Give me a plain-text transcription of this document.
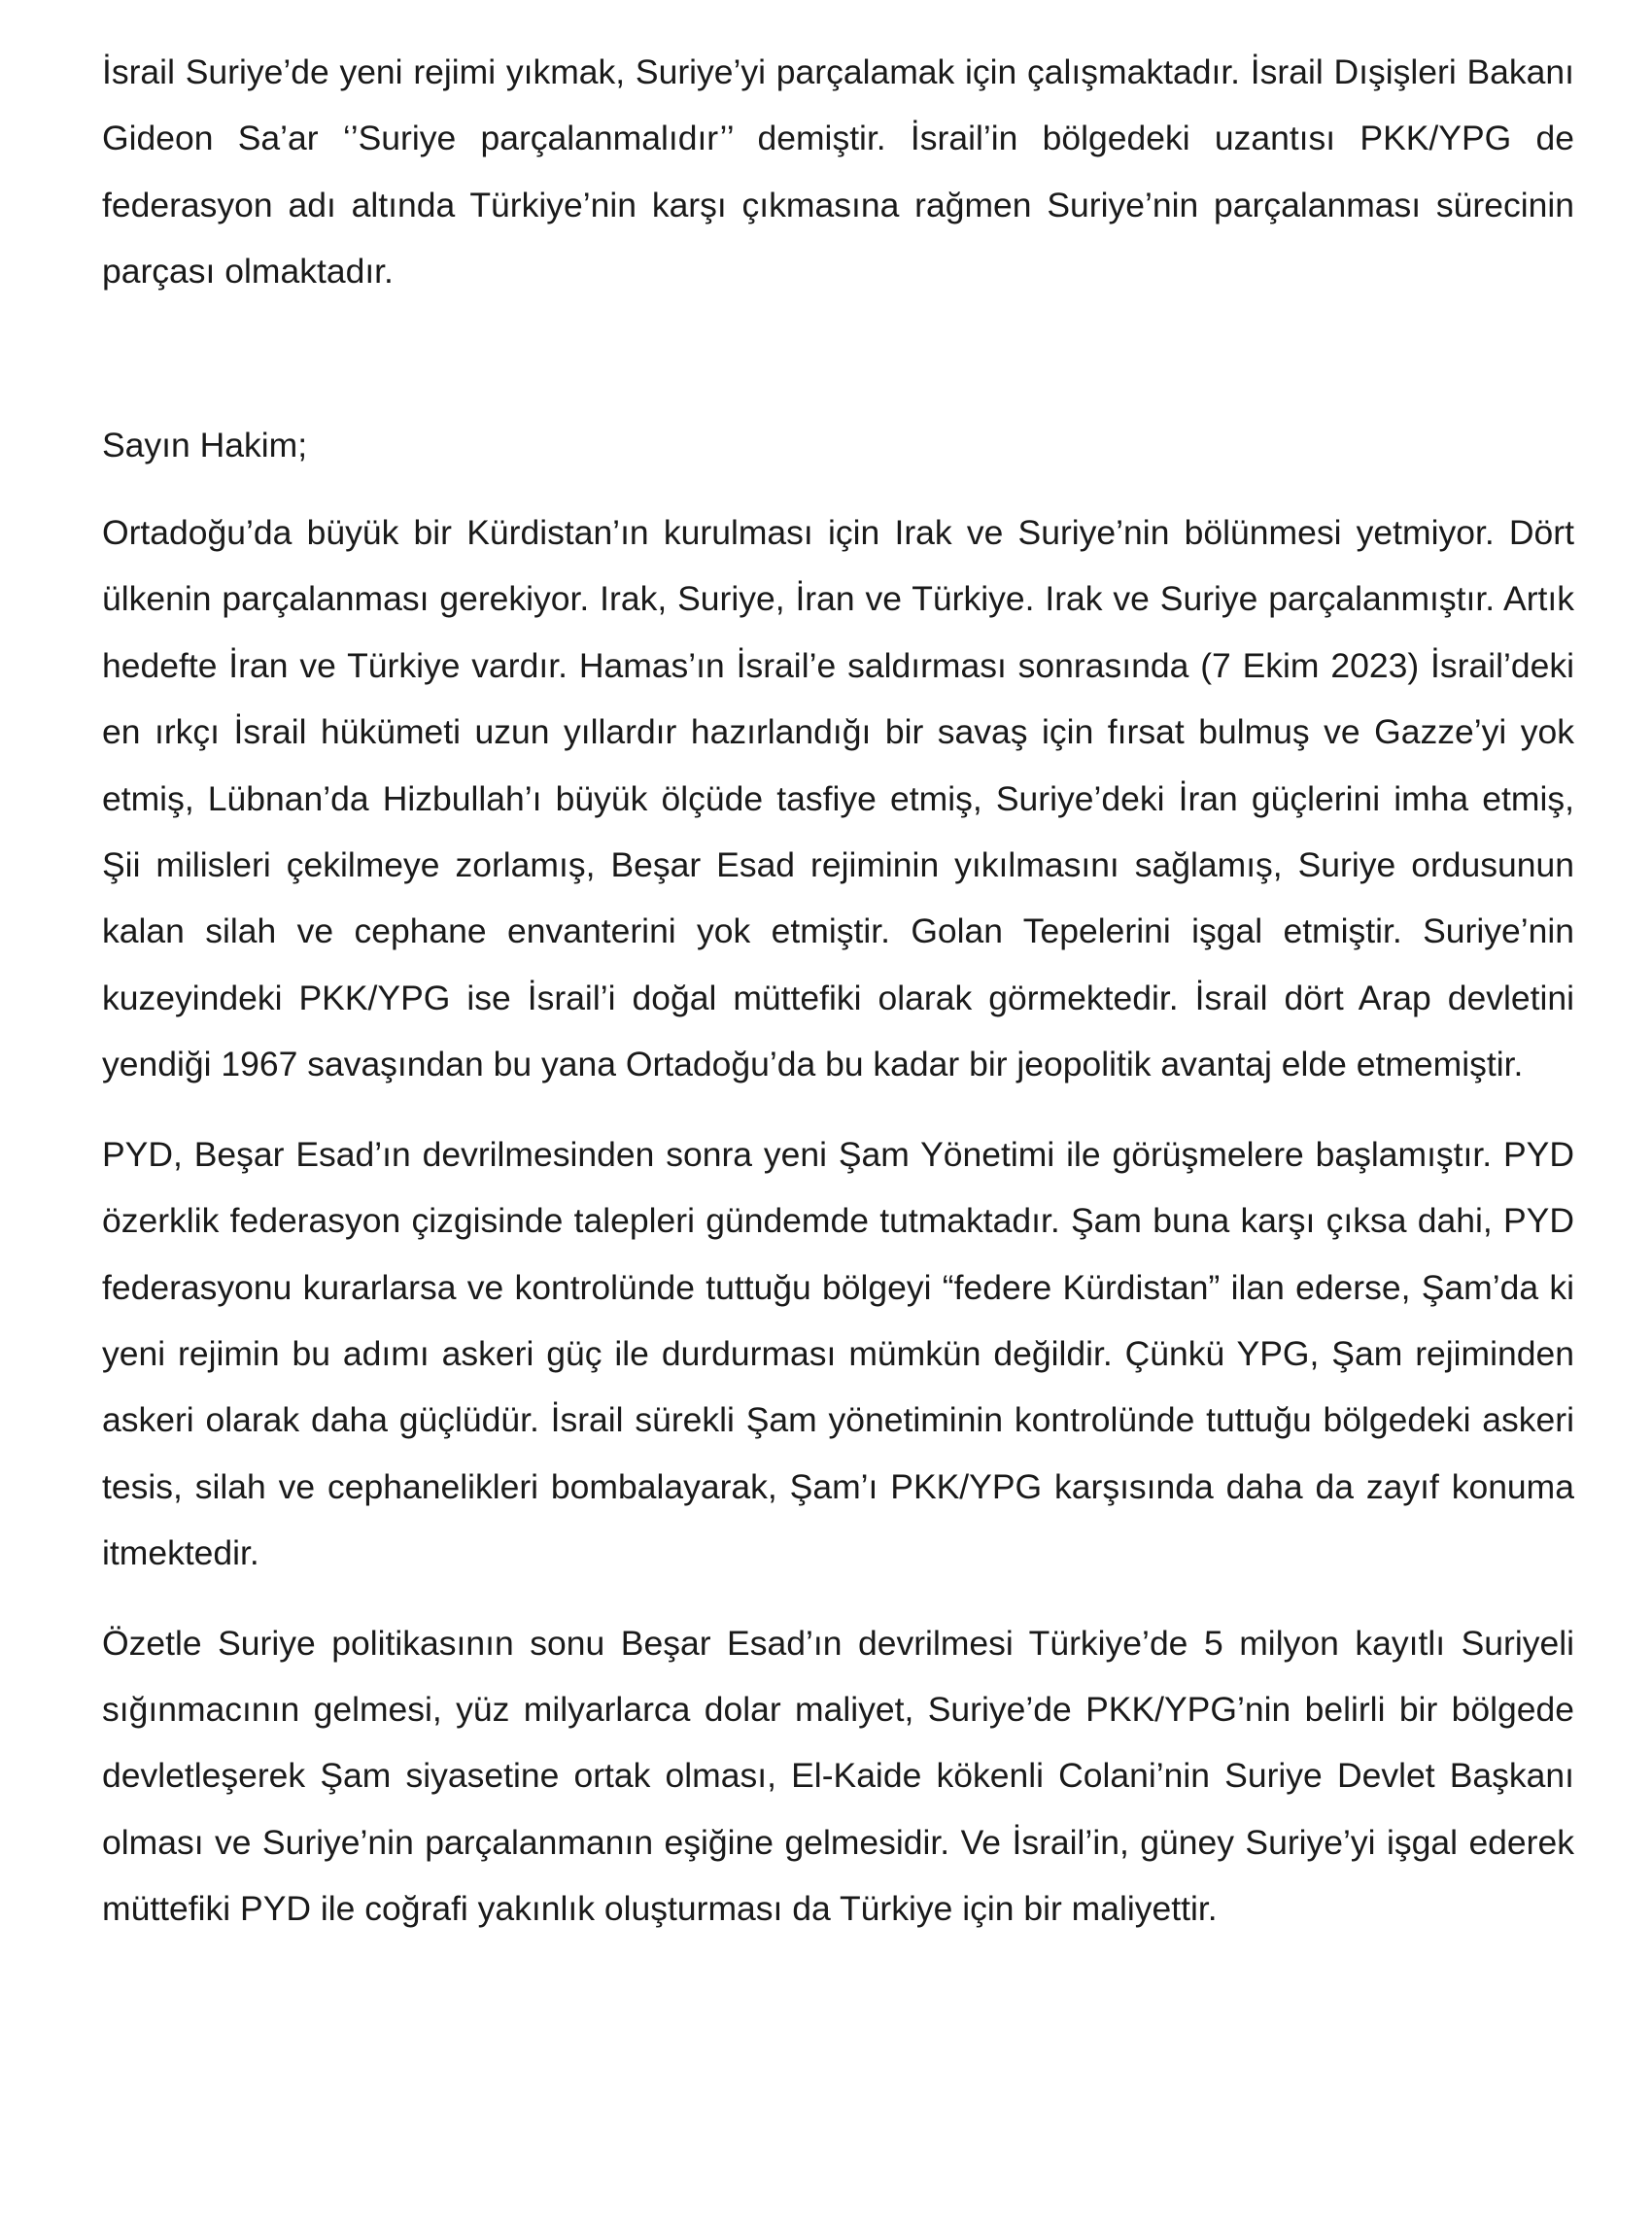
İsrail Suriye’de yeni rejimi yıkmak, Suriye’yi parçalamak için çalışmaktadır. İsrail Dışişleri Bakanı Gideon Sa’ar ‘’Suriye parçalanmalıdır’’ demiştir. İsrail’in bölgedeki uzantısı PKK/YPG de federasyon adı altında Türkiye’nin karşı çıkmasına rağmen Suriye’nin parçalanması sürecinin parçası olmaktadır.

Sayın Hakim;

Ortadoğu’da büyük bir Kürdistan’ın kurulması için Irak ve Suriye’nin bölünmesi yetmiyor. Dört ülkenin parçalanması gerekiyor. Irak, Suriye, İran ve Türkiye. Irak ve Suriye parçalanmıştır. Artık hedefte İran ve Türkiye vardır. Hamas’ın İsrail’e saldırması sonrasında (7 Ekim 2023) İsrail’deki en ırkçı İsrail hükümeti uzun yıllardır hazırlandığı bir savaş için fırsat bulmuş ve Gazze’yi yok etmiş, Lübnan’da Hizbullah’ı büyük ölçüde tasfiye etmiş, Suriye’deki İran güçlerini imha etmiş, Şii milisleri çekilmeye zorlamış, Beşar Esad rejiminin yıkılmasını sağlamış, Suriye ordusunun kalan silah ve cephane envanterini yok etmiştir. Golan Tepelerini işgal etmiştir. Suriye’nin kuzeyindeki PKK/YPG ise İsrail’i doğal müttefiki olarak görmektedir. İsrail dört Arap devletini yendiği 1967 savaşından bu yana Ortadoğu’da bu kadar bir jeopolitik avantaj elde etmemiştir.

PYD, Beşar Esad’ın devrilmesinden sonra yeni Şam Yönetimi ile görüşmelere başlamıştır. PYD özerklik federasyon çizgisinde talepleri gündemde tutmaktadır. Şam buna karşı çıksa dahi, PYD federasyonu kurarlarsa ve kontrolünde tuttuğu bölgeyi “federe Kürdistan” ilan ederse, Şam’da ki yeni rejimin bu adımı askeri güç ile durdurması mümkün değildir. Çünkü YPG, Şam rejiminden askeri olarak daha güçlüdür. İsrail sürekli Şam yönetiminin kontrolünde tuttuğu bölgedeki askeri tesis, silah ve cephanelikleri bombalayarak, Şam’ı PKK/YPG karşısında daha da zayıf konuma itmektedir.

Özetle Suriye politikasının sonu Beşar Esad’ın devrilmesi Türkiye’de 5 milyon kayıtlı Suriyeli sığınmacının gelmesi, yüz milyarlarca dolar maliyet, Suriye’de PKK/YPG’nin belirli bir bölgede devletleşerek Şam siyasetine ortak olması, El-Kaide kökenli Colani’nin Suriye Devlet Başkanı olması ve Suriye’nin parçalanmanın eşiğine gelmesidir. Ve İsrail’in, güney Suriye’yi işgal ederek müttefiki PYD ile coğrafi yakınlık oluşturması da Türkiye için bir maliyettir.
